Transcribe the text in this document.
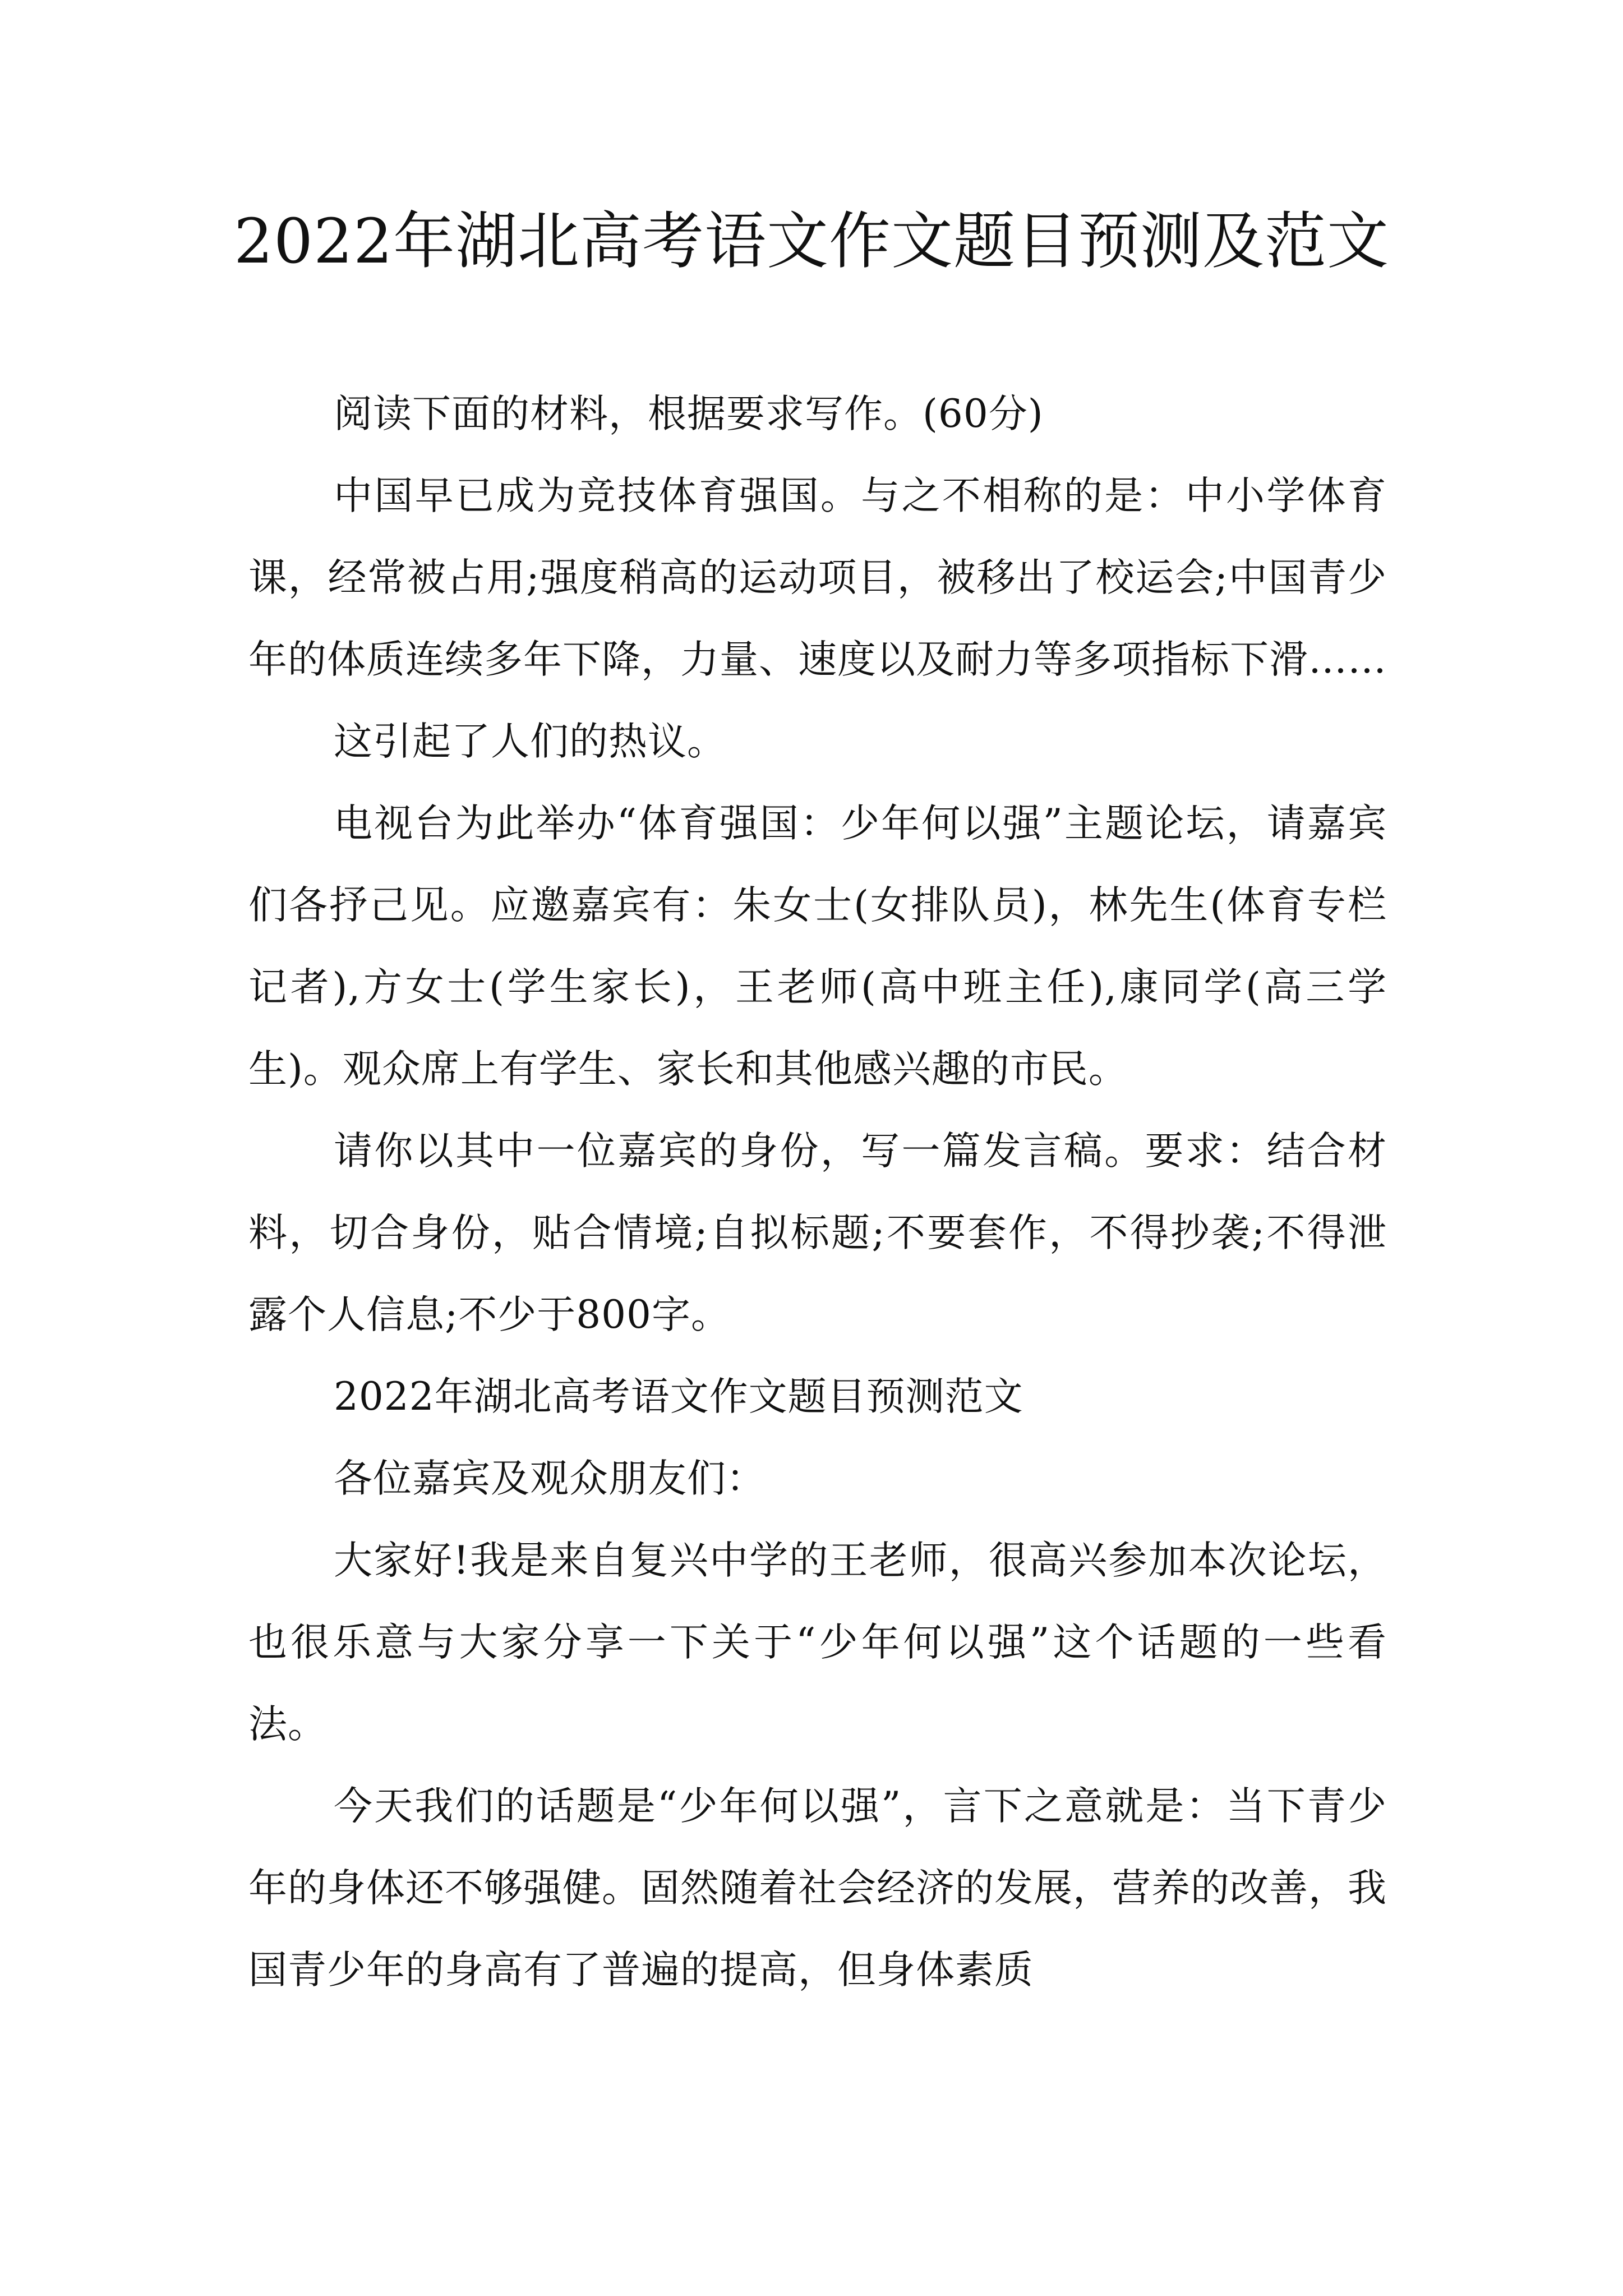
2022年湖北高考语文作文题目预测及范文

阅读下面的材料，根据要求写作。(60分)

中国早已成为竞技体育强国。与之不相称的是：中小学体育课，经常被占用;强度稍高的运动项目，被移出了校运会;中国青少年的体质连续多年下降，力量、速度以及耐力等多项指标下滑……

这引起了人们的热议。

电视台为此举办“体育强国：少年何以强”主题论坛，请嘉宾们各抒己见。应邀嘉宾有：朱女士(女排队员)，林先生(体育专栏记者),方女士(学生家长)，王老师(高中班主任),康同学(高三学生)。观众席上有学生、家长和其他感兴趣的市民。

请你以其中一位嘉宾的身份，写一篇发言稿。要求：结合材料，切合身份，贴合情境;自拟标题;不要套作，不得抄袭;不得泄露个人信息;不少于800字。

2022年湖北高考语文作文题目预测范文

各位嘉宾及观众朋友们：

大家好!我是来自复兴中学的王老师，很高兴参加本次论坛，也很乐意与大家分享一下关于“少年何以强”这个话题的一些看法。

今天我们的话题是“少年何以强”，言下之意就是：当下青少年的身体还不够强健。固然随着社会经济的发展，营养的改善，我国青少年的身高有了普遍的提高，但身体素质
